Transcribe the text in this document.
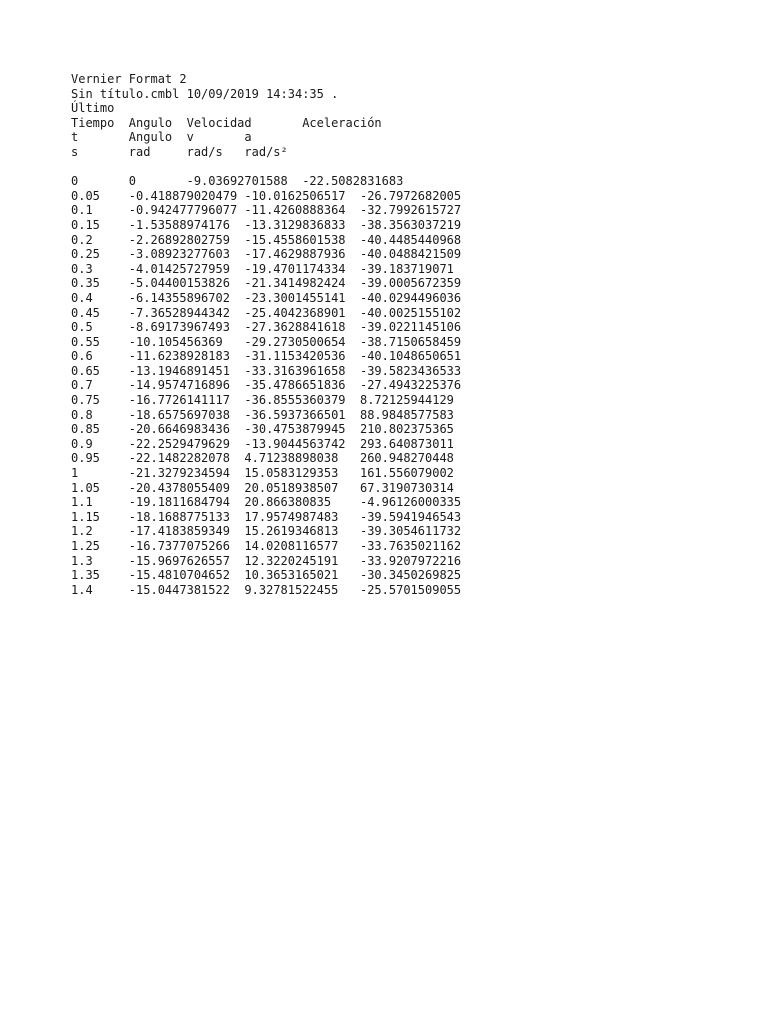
Vernier Format 2
Sin título.cmbl 10/09/2019 14:34:35 .
Último
Tiempo	Angulo	Velocidad	Aceleración
t	Angulo	v	a
s	rad	rad/s	rad/s²
0	0	-9.03692701588	-22.5082831683
0.05	-0.418879020479	-10.0162506517	-26.7972682005
0.1	-0.942477796077	-11.4260888364	-32.7992615727
0.15	-1.53588974176	-13.3129836833	-38.3563037219
0.2	-2.26892802759	-15.4558601538	-40.4485440968
0.25	-3.08923277603	-17.4629887936	-40.0488421509
0.3	-4.01425727959	-19.4701174334	-39.183719071
0.35	-5.04400153826	-21.3414982424	-39.0005672359
0.4	-6.14355896702	-23.3001455141	-40.0294496036
0.45	-7.36528944342	-25.4042368901	-40.0025155102
0.5	-8.69173967493	-27.3628841618	-39.0221145106
0.55	-10.105456369	-29.2730500654	-38.7150658459
0.6	-11.6238928183	-31.1153420536	-40.1048650651
0.65	-13.1946891451	-33.3163961658	-39.5823436533
0.7	-14.9574716896	-35.4786651836	-27.4943225376
0.75	-16.7726141117	-36.8555360379	8.72125944129
0.8	-18.6575697038	-36.5937366501	88.9848577583
0.85	-20.6646983436	-30.4753879945	210.802375365
0.9	-22.2529479629	-13.9044563742	293.640873011
0.95	-22.1482282078	4.71238898038	260.948270448
1	-21.3279234594	15.0583129353	161.556079002
1.05	-20.4378055409	20.0518938507	67.3190730314
1.1	-19.1811684794	20.866380835	-4.96126000335
1.15	-18.1688775133	17.9574987483	-39.5941946543
1.2	-17.4183859349	15.2619346813	-39.3054611732
1.25	-16.7377075266	14.0208116577	-33.7635021162
1.3	-15.9697626557	12.3220245191	-33.9207972216
1.35	-15.4810704652	10.3653165021	-30.3450269825
1.4	-15.0447381522	9.32781522455	-25.5701509055
